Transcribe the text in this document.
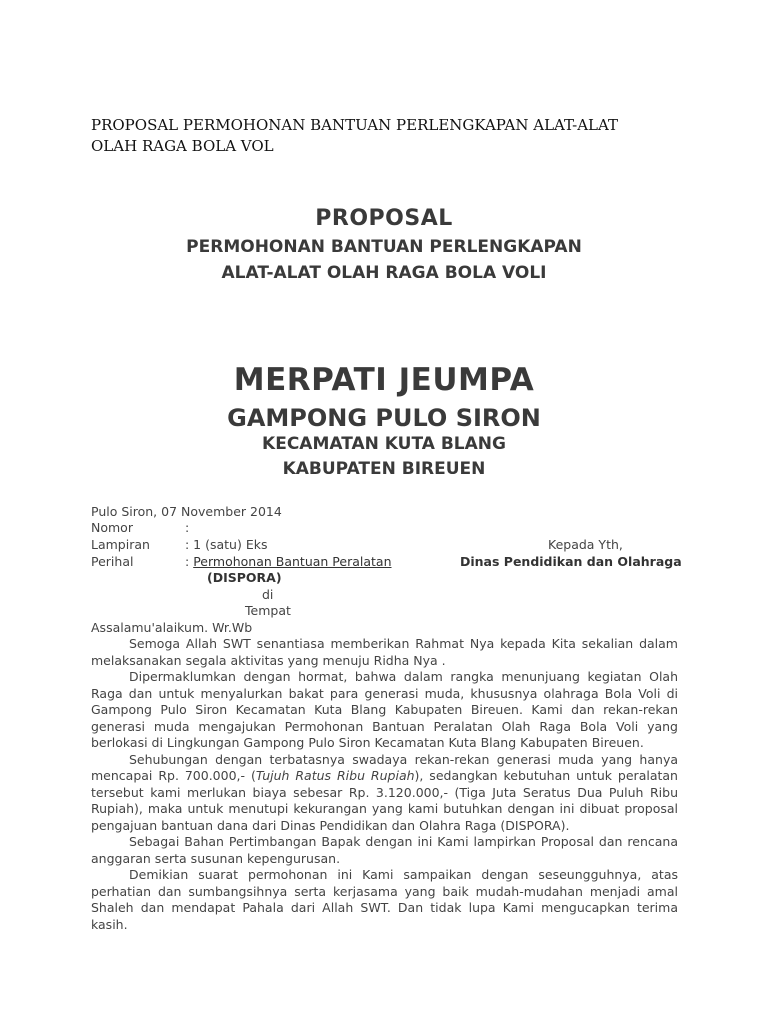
PROPOSAL PERMOHONAN BANTUAN PERLENGKAPAN ALAT-ALAT
OLAH RAGA BOLA VOL
PROPOSAL
PERMOHONAN BANTUAN PERLENGKAPAN
ALAT-ALAT OLAH RAGA BOLA VOLI
MERPATI JEUMPA
GAMPONG PULO SIRON
KECAMATAN KUTA BLANG
KABUPATEN BIREUEN
Pulo Siron, 07 November 2014
Nomor	:
Lampiran	: 1 (satu) Eks
Perihal	: Permohonan Bantuan Peralatan
Kepada Yth,
Dinas Pendidikan dan Olahraga
(DISPORA)
di
Tempat
Assalamu'alaikum. Wr.Wb

Semoga Allah SWT senantiasa memberikan Rahmat Nya kepada Kita sekalian dalam melaksanakan segala aktivitas yang menuju Ridha Nya .

Dipermaklumkan dengan hormat, bahwa dalam rangka menunjuang kegiatan Olah Raga dan untuk menyalurkan bakat para generasi muda, khususnya olahraga Bola Voli di Gampong Pulo Siron Kecamatan Kuta Blang Kabupaten Bireuen. Kami dan rekan-rekan generasi muda mengajukan Permohonan Bantuan Peralatan Olah Raga Bola Voli yang berlokasi di Lingkungan Gampong Pulo Siron Kecamatan Kuta Blang Kabupaten Bireuen.

Sehubungan dengan terbatasnya swadaya rekan-rekan generasi muda yang hanya mencapai Rp. 700.000,- (Tujuh Ratus Ribu Rupiah), sedangkan kebutuhan untuk peralatan tersebut kami merlukan biaya sebesar Rp. 3.120.000,- (Tiga Juta Seratus Dua Puluh Ribu Rupiah), maka untuk menutupi kekurangan yang kami butuhkan dengan ini dibuat proposal pengajuan bantuan dana dari Dinas Pendidikan dan Olahra Raga (DISPORA).

Sebagai Bahan Pertimbangan Bapak dengan ini Kami lampirkan Proposal dan rencana anggaran serta susunan kepengurusan.

Demikian suarat permohonan ini Kami sampaikan dengan seseungguhnya, atas perhatian dan sumbangsihnya serta kerjasama yang baik mudah-mudahan menjadi amal Shaleh dan mendapat Pahala dari Allah SWT. Dan tidak lupa Kami mengucapkan terima kasih.
